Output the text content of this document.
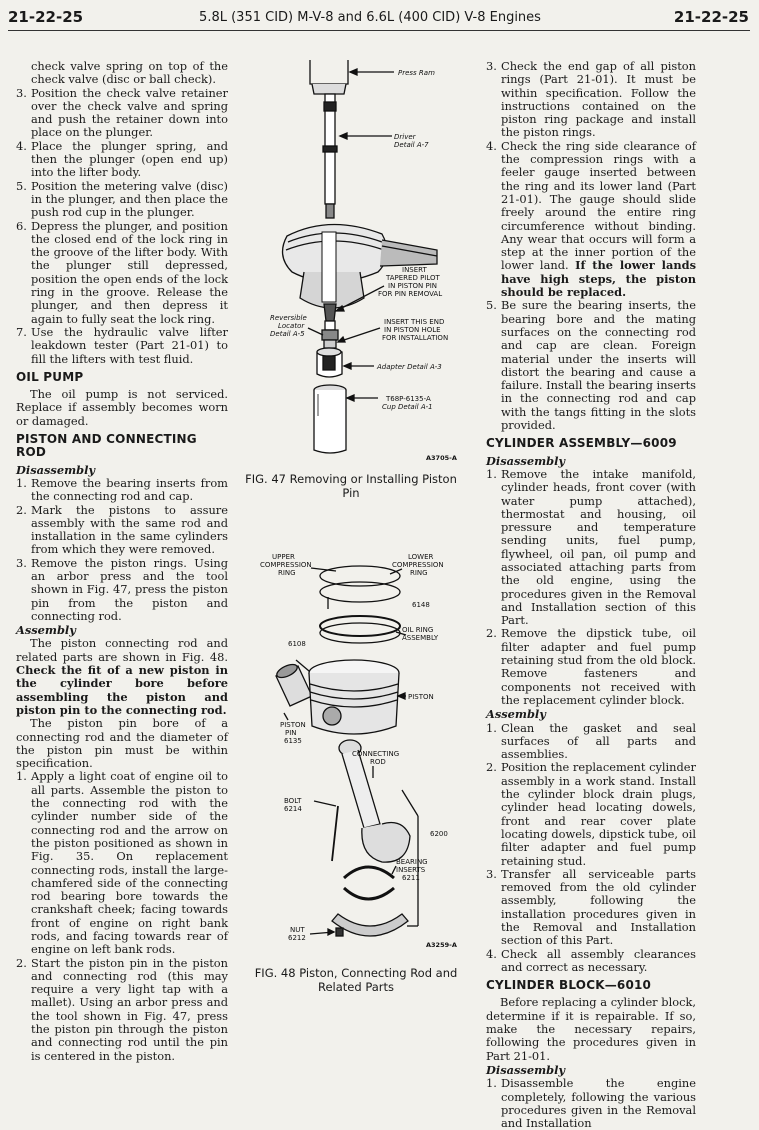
21-22-25	5.8L (351 CID) M-V-8 and 6.6L (400 CID) V-8 Engines	21-22-25

check valve spring on top of the check valve (disc or ball check).

3. Position the check valve retainer over the check valve and spring and push the retainer down into place on the plunger.

4. Place the plunger spring, and then the plunger (open end up) into the lifter body.

5. Position the metering valve (disc) in the plunger, and then place the push rod cup in the plunger.

6. Depress the plunger, and position the closed end of the lock ring in the groove of the lifter body. With the plunger still depressed, position the open ends of the lock ring in the groove. Release the plunger, and then depress it again to fully seat the lock ring.

7. Use the hydraulic valve lifter leakdown tester (Part 21-01) to fill the lifters with test fluid.

OIL PUMP

The oil pump is not serviced. Replace if assembly becomes worn or damaged.

PISTON AND CONNECTING ROD
Disassembly

1. Remove the bearing inserts from the connecting rod and cap.

2. Mark the pistons to assure assembly with the same rod and installation in the same cylinders from which they were removed.

3. Remove the piston rings. Using an arbor press and the tool shown in Fig. 47, press the piston pin from the piston and connecting rod.

Assembly

The piston connecting rod and related parts are shown in Fig. 48. Check the fit of a new piston in the cylinder bore before assembling the piston and piston pin to the connecting rod.

The piston pin bore of a connecting rod and the diameter of the piston pin must be within specification.

1. Apply a light coat of engine oil to all parts. Assemble the piston to the connecting rod with the cylinder number side of the connecting rod and the arrow on the piston positioned as shown in Fig. 35. On replacement connecting rods, install the large-chamfered side of the connecting rod bearing bore towards the crankshaft cheek; facing towards front of engine on right bank rods, and facing towards rear of engine on left bank rods.

2. Start the piston pin in the piston and connecting rod (this may require a very light tap with a mallet). Using an arbor press and the tool shown in Fig. 47, press the piston pin through the piston and connecting rod until the pin is centered in the piston.

3. Check the end gap of all piston rings (Part 21-01). It must be within specification. Follow the instructions contained on the piston ring package and install the piston rings.

4. Check the ring side clearance of the compression rings with a feeler gauge inserted between the ring and its lower land (Part 21-01). The gauge should slide freely around the entire ring circumference without binding. Any wear that occurs will form a step at the inner portion of the lower land. If the lower lands have high steps, the piston should be replaced.

5. Be sure the bearing inserts, the bearing bore and the mating surfaces on the connecting rod and cap are clean. Foreign material under the inserts will distort the bearing and cause a failure. Install the bearing inserts in the connecting rod and cap with the tangs fitting in the slots provided.

CYLINDER ASSEMBLY—6009
Disassembly

1. Remove the intake manifold, cylinder heads, front cover (with water pump attached), thermostat and housing, oil pressure and temperature sending units, fuel pump, flywheel, oil pan, oil pump and associated attaching parts from the old engine, using the procedures given in the Removal and Installation section of this Part.

2. Remove the dipstick tube, oil filter adapter and fuel pump retaining stud from the old block. Remove fasteners and components not received with the replacement cylinder block.

Assembly

1. Clean the gasket and seal surfaces of all parts and assemblies.

2. Position the replacement cylinder assembly in a work stand. Install the cylinder block drain plugs, cylinder head locating dowels, front and rear cover plate locating dowels, dipstick tube, oil filter adapter and fuel pump retaining stud.

3. Transfer all serviceable parts removed from the old cylinder assembly, following the installation procedures given in the Removal and Installation section of this Part.

4. Check all assembly clearances and correct as necessary.

CYLINDER BLOCK—6010

Before replacing a cylinder block, determine if it is repairable. If so, make the necessary repairs, following the procedures given in Part 21-01.

Disassembly

1. Disassemble the engine completely, following the various procedures given in the Removal and Installation

Press Ram
Driver
Detail A-7
INSERT
TAPERED PILOT
IN PISTON PIN
FOR PIN REMOVAL
Reversible
Locator
Detail A-5
INSERT THIS END
IN PISTON HOLE
FOR INSTALLATION
Adapter Detail A-3
T68P-6135-A
Cup Detail A-1
A3705-A
UPPER
COMPRESSION
RING
LOWER
COMPRESSION
RING
6148
OIL RING
ASSEMBLY
6108
PISTON
PISTON
PIN
6135
CONNECTING
ROD
BOLT
6214
6200
BEARING
INSERTS
6211
NUT
6212
A3259-A
FIG. 47 Removing or Installing Piston Pin
FIG. 48 Piston, Connecting Rod and Related Parts
